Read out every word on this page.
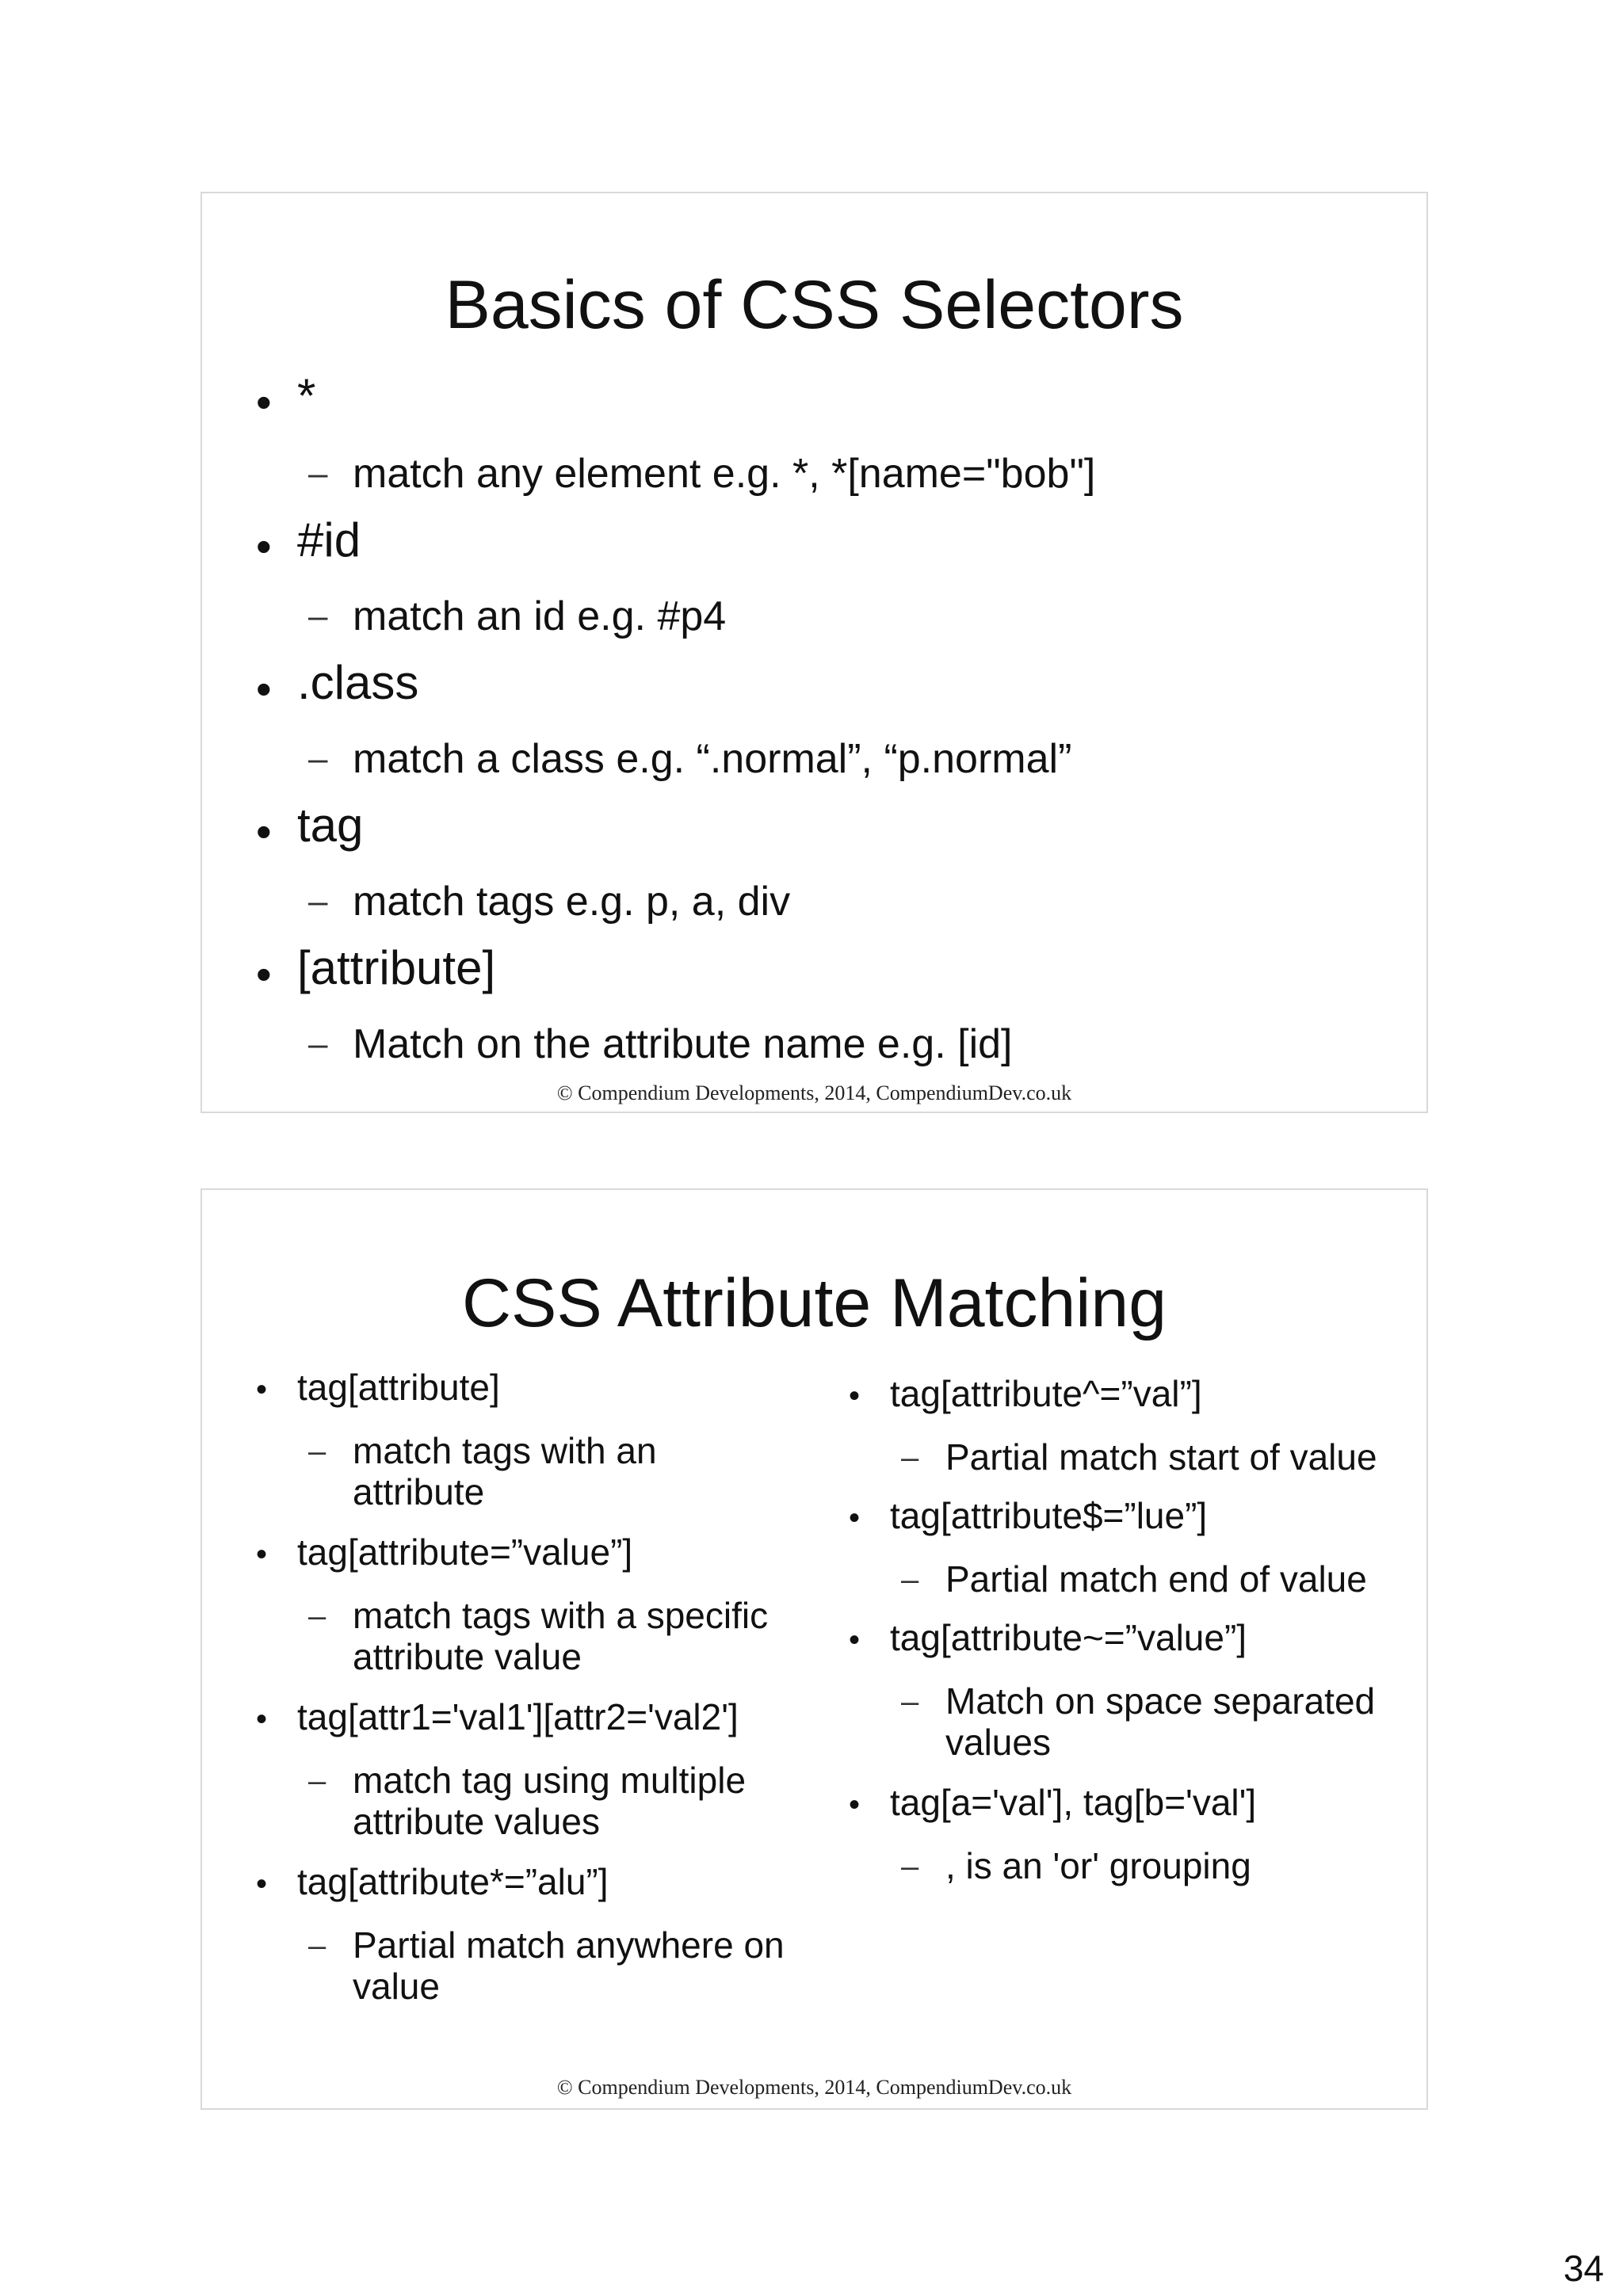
Basics of CSS Selectors
• *
– match any element e.g. *, *[name="bob"]
• #id
– match an id e.g. #p4
• .class
– match a class e.g. “.normal”, “p.normal”
• tag
– match tags e.g. p, a, div
• [attribute]
– Match on the attribute name e.g. [id]
© Compendium Developments, 2014, CompendiumDev.co.uk
CSS Attribute Matching
• tag[attribute]
– match tags with an
attribute
• tag[attribute=”value”]
– match tags with a specific
attribute value
• tag[attr1='val1'][attr2='val2']
– match tag using multiple
attribute values
• tag[attribute*=”alu”]
– Partial match anywhere on
value
• tag[attribute^=”val”]
– Partial match start of value
• tag[attribute$=”lue”]
– Partial match end of value
• tag[attribute~=”value”]
– Match on space separated
values
• tag[a='val'], tag[b='val']
– , is an 'or' grouping
© Compendium Developments, 2014, CompendiumDev.co.uk
34
